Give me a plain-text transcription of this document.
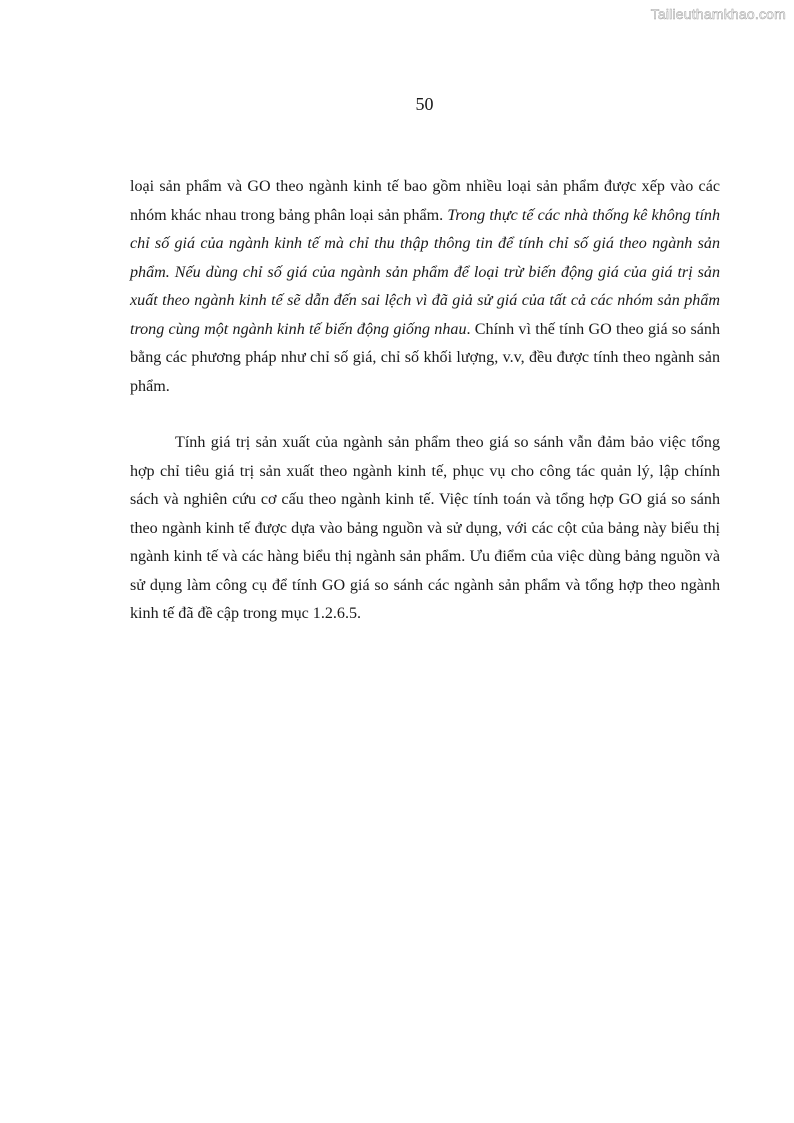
Tailieuthamkhao.com
50

loại sản phẩm và GO theo ngành kinh tế bao gồm nhiều loại sản phẩm được xếp vào các nhóm khác nhau trong bảng phân loại sản phẩm. Trong thực tế các nhà thống kê không tính chỉ số giá của ngành kinh tế mà chỉ thu thập thông tin để tính chỉ số giá theo ngành sản phẩm. Nếu dùng chỉ số giá của ngành sản phẩm để loại trừ biến động giá của giá trị sản xuất theo ngành kinh tế sẽ dẫn đến sai lệch vì đã giả sử giá của tất cả các nhóm sản phẩm trong cùng một ngành kinh tế biến động giống nhau. Chính vì thế tính GO theo giá so sánh bằng các phương pháp như chỉ số giá, chỉ số khối lượng, v.v, đều được tính theo ngành sản phẩm.

Tính giá trị sản xuất của ngành sản phẩm theo giá so sánh vẫn đảm bảo việc tổng hợp chỉ tiêu giá trị sản xuất theo ngành kinh tế, phục vụ cho công tác quản lý, lập chính sách và nghiên cứu cơ cấu theo ngành kinh tế. Việc tính toán và tổng hợp GO giá so sánh theo ngành kinh tế được dựa vào bảng nguồn và sử dụng, với các cột của bảng này biểu thị ngành kinh tế và các hàng biểu thị ngành sản phẩm. Ưu điểm của việc dùng bảng nguồn và sử dụng làm công cụ để tính GO giá so sánh các ngành sản phẩm và tổng hợp theo ngành kinh tế đã đề cập trong mục 1.2.6.5.
